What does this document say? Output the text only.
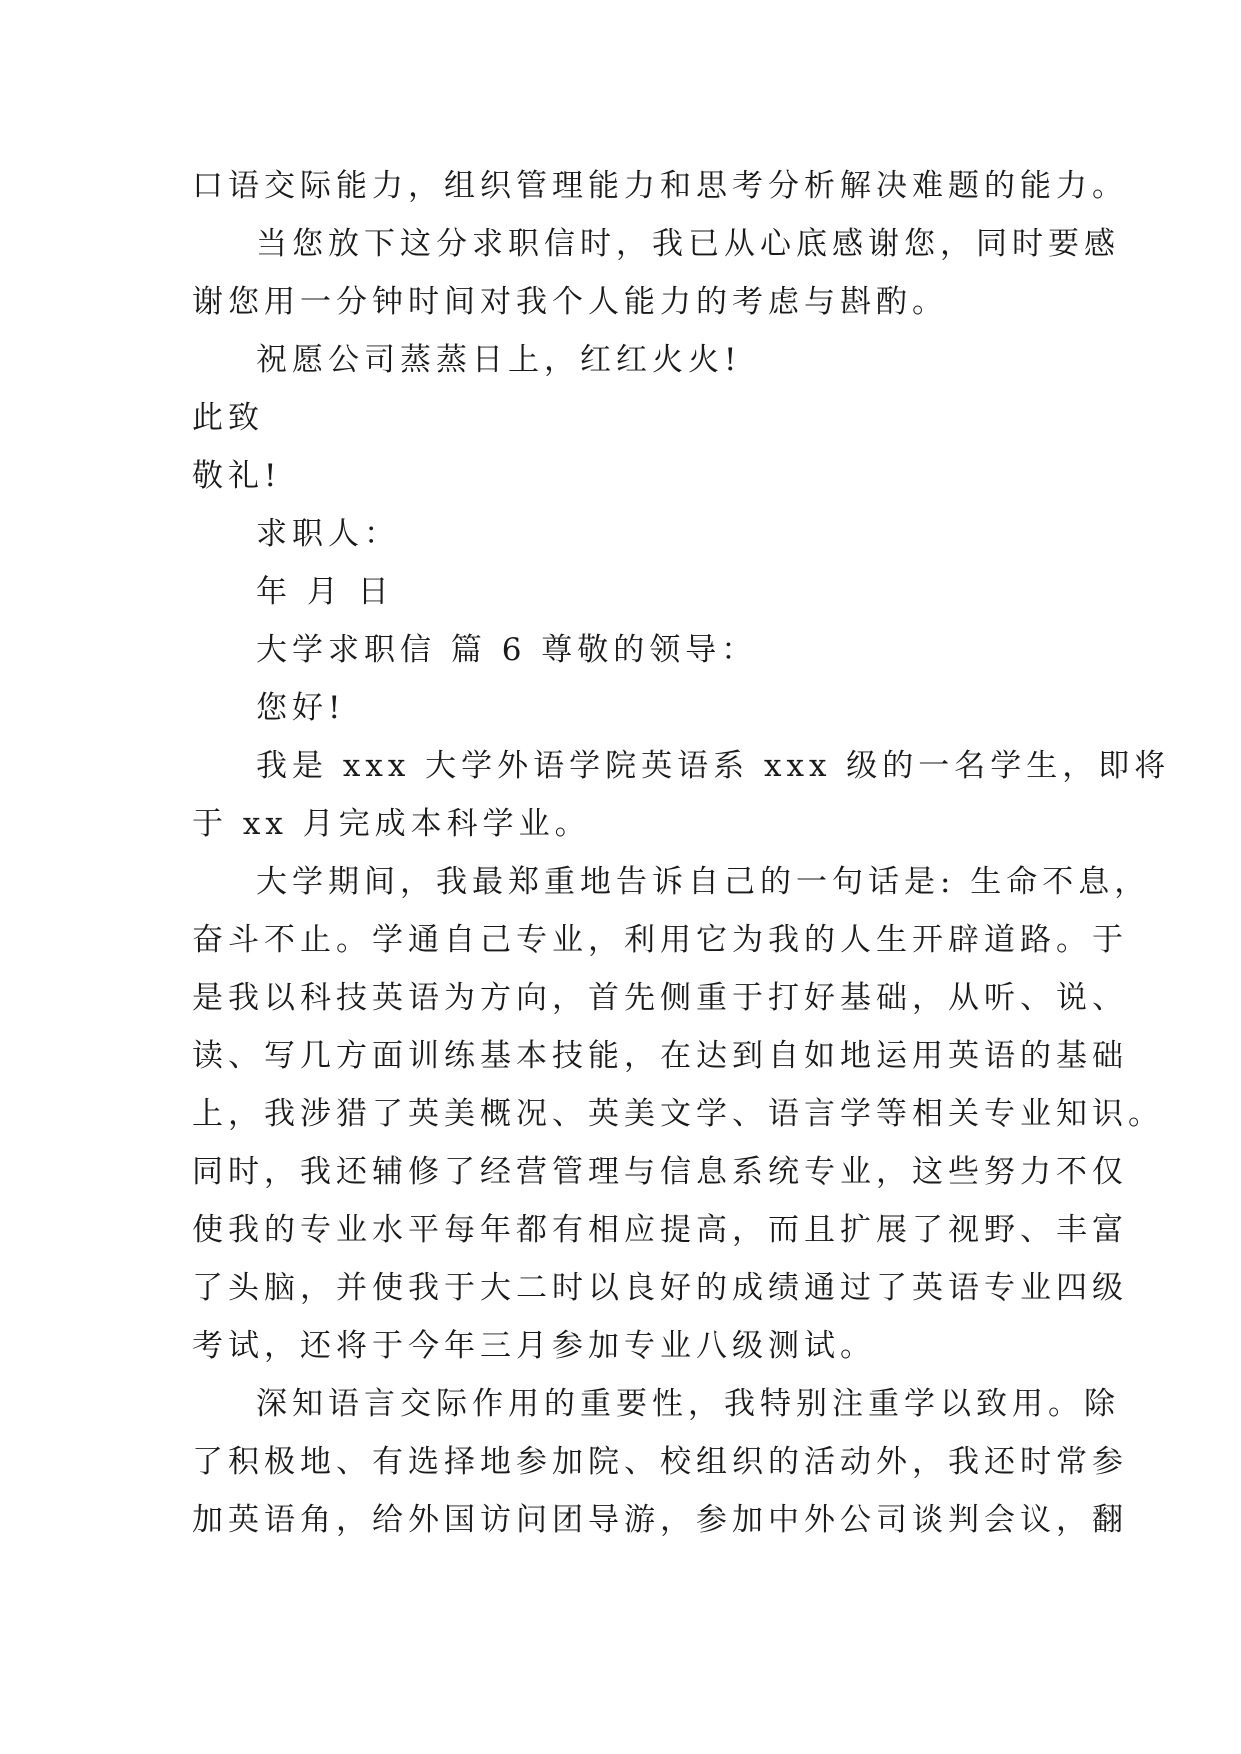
口语交际能力，组织管理能力和思考分析解决难题的能力。
当您放下这分求职信时，我已从心底感谢您，同时要感
谢您用一分钟时间对我个人能力的考虑与斟酌。
祝愿公司蒸蒸日上，红红火火!
此致
敬礼!
求职人：
年 月 日
大学求职信 篇 6 尊敬的领导：
您好!
我是 xxx 大学外语学院英语系 xxx 级的一名学生，即将
于 xx 月完成本科学业。
大学期间，我最郑重地告诉自己的一句话是: 生命不息，
奋斗不止。学通自己专业，利用它为我的人生开辟道路。于
是我以科技英语为方向，首先侧重于打好基础，从听、说、
读、写几方面训练基本技能，在达到自如地运用英语的基础
上，我涉猎了英美概况、英美文学、语言学等相关专业知识。
同时，我还辅修了经营管理与信息系统专业，这些努力不仅
使我的专业水平每年都有相应提高，而且扩展了视野、丰富
了头脑，并使我于大二时以良好的成绩通过了英语专业四级
考试，还将于今年三月参加专业八级测试。
深知语言交际作用的重要性，我特别注重学以致用。除
了积极地、有选择地参加院、校组织的活动外，我还时常参
加英语角，给外国访问团导游，参加中外公司谈判会议，翻
